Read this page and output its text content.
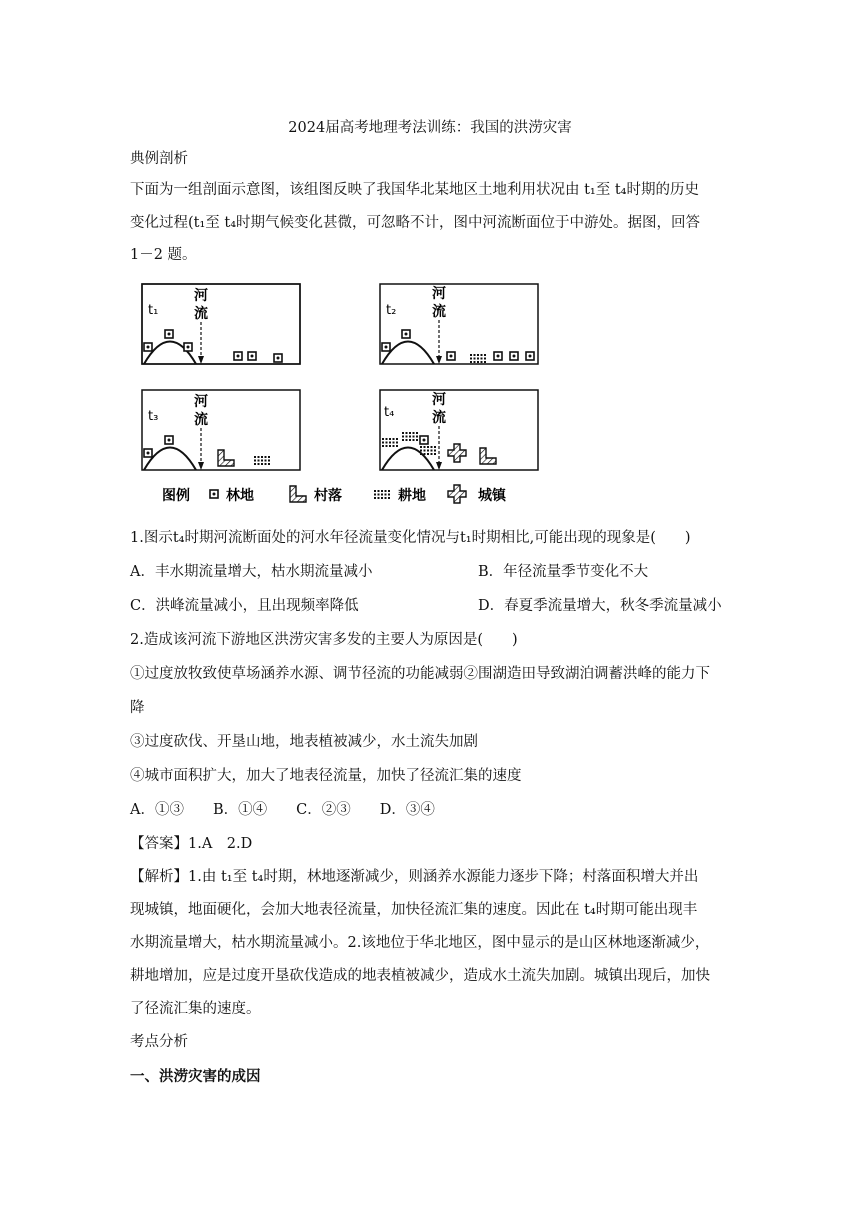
2024届高考地理考法训练：我国的洪涝灾害
典例剖析
下面为一组剖面示意图，该组图反映了我国华北某地区土地利用状况由 t₁至 t₄时期的历史
变化过程(t₁至 t₄时期气候变化甚微，可忽略不计，图中河流断面位于中游处。据图，回答
1－2 题。
t₁
河
流	t₂
河
流
t₃
河
流	t₄
河
流
图例	林地	村落	耕地	城镇
1.图示t₄时期河流断面处的河水年径流量变化情况与t₁时期相比,可能出现的现象是(　　)
A．丰水期流量增大，枯水期流量减小	B．年径流量季节变化不大
C．洪峰流量减小，且出现频率降低	D．春夏季流量增大，秋冬季流量减小
2.造成该河流下游地区洪涝灾害多发的主要人为原因是(　　)
①过度放牧致使草场涵养水源、调节径流的功能减弱②围湖造田导致湖泊调蓄洪峰的能力下
降
③过度砍伐、开垦山地，地表植被减少，水土流失加剧
④城市面积扩大，加大了地表径流量，加快了径流汇集的速度
A．①③　　B．①④　　C．②③　　D．③④
【答案】1.A　2.D
【解析】1.由 t₁至 t₄时期，林地逐渐减少，则涵养水源能力逐步下降；村落面积增大并出
现城镇，地面硬化，会加大地表径流量，加快径流汇集的速度。因此在 t₄时期可能出现丰
水期流量增大，枯水期流量减小。2.该地位于华北地区，图中显示的是山区林地逐渐减少，
耕地增加，应是过度开垦砍伐造成的地表植被减少，造成水土流失加剧。城镇出现后，加快
了径流汇集的速度。
考点分析
一、洪涝灾害的成因
